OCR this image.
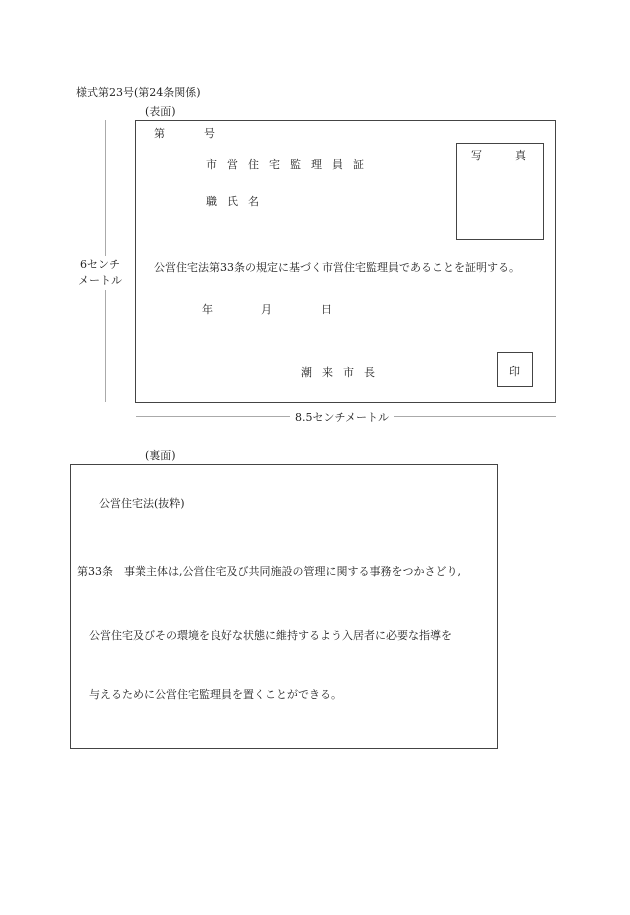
様式第23号(第24条関係)
(表面)
6センチ
メートル
第	号
市営住宅監理員証
職氏名
写　　　真
公営住宅法第33条の規定に基づく市営住宅監理員であることを証明する。
年	月	日
潮来市長	印
8.5センチメートル
(裏面)
公営住宅法(抜粋)
第33条　事業主体は,公営住宅及び共同施設の管理に関する事務をつかさどり,
公営住宅及びその環境を良好な状態に維持するよう入居者に必要な指導を
与えるために公営住宅監理員を置くことができる。
